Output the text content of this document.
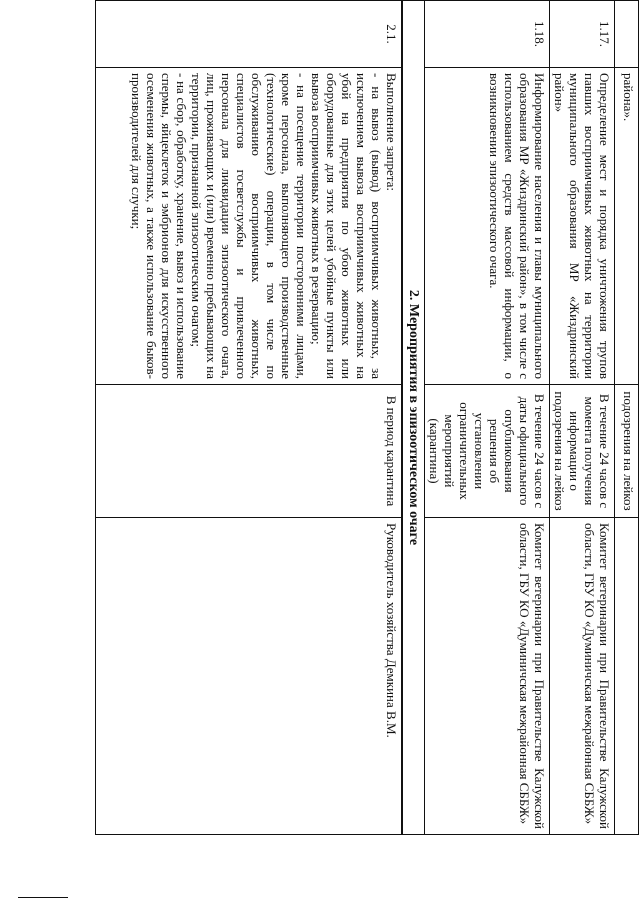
	района».	подозрения на лейкоз	
1.17.	Определение мест и порядка уничтожения трупов павших восприимчивых животных на территории муниципального образования МР «Жиздринский район»	В течение 24 часов с момента получения информации о подозрения на лейкоз	Комитет ветеринарии при Правительстве Калужской области, ГБУ КО «Думиничская межрайонная СББЖ»
1.18.	Информирование населения и главы муниципального образования МР «Жиздринский район», в том числе с использованием средств массовой информации, о возникновении эпизоотического очага.	В течение 24 часов с даты официального опубликования решения об установлении ограничительных мероприятий (карантина)	Комитет ветеринарии при Правительстве Калужской области, ГБУ КО «Думиничская межрайонная СББЖ»
2. Мероприятия в эпизоотическом очаге			
2.1.	Выполнение запрета:

- на вывоз (вывод) восприимчивых животных, за исключением вывоза восприимчивых животных на убой на предприятия по убою животных или оборудованные для этих целей убойные пункты или вывоза восприимчивых животных в резервацию;

- на посещение территории посторонними лицами, кроме персонала, выполняющего производственные (технологические) операции, в том числе по обслуживанию восприимчивых животных, специалистов госветслужбы и привлеченного персонала для ликвидации эпизоотического очага, лиц, проживающих и (или) временно пребывающих на территории, признанной эпизоотическим очагом;

- на сбор, обработку, хранение, вывоз и использование спермы, яйцеклеток и эмбрионов для искусственного осеменения животных, а также использование быков-производителей для случки;	В период карантина	Руководитель хозяйства Демкина В.М.
